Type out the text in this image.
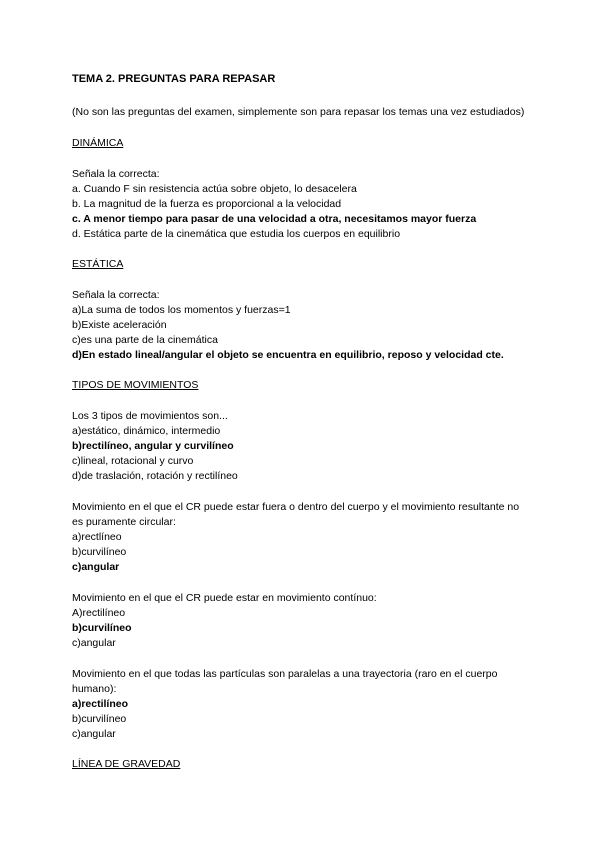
TEMA 2. PREGUNTAS PARA REPASAR
(No son las preguntas del examen, simplemente son para repasar los temas una vez estudiados)
DINÁMICA
Señala la correcta:
a. Cuando F sin resistencia actúa sobre objeto, lo desacelera
b. La magnitud de la fuerza es proporcional a la velocidad
c. A menor tiempo para pasar de una velocidad a otra, necesitamos mayor fuerza
d. Estática parte de la cinemática que estudia los cuerpos en equilibrio
ESTÁTICA
Señala la correcta:
a)La suma de todos los momentos y fuerzas=1
b)Existe aceleración
c)es una parte de la cinemática
d)En estado lineal/angular el objeto se encuentra en equilibrio, reposo y velocidad cte.
TIPOS DE MOVIMIENTOS
Los 3 tipos de movimientos son...
a)estático, dinámico, intermedio
b)rectilíneo, angular y curvilíneo
c)lineal, rotacional y curvo
d)de traslación, rotación y rectilíneo
Movimiento en el que el CR puede estar fuera o dentro del cuerpo y el movimiento resultante no es puramente circular:
a)rectlíneo
b)curvilíneo
c)angular
Movimiento en el que el CR puede estar en movimiento contínuo:
A)rectilíneo
b)curvilíneo
c)angular
Movimiento en el que todas las partículas son paralelas a una trayectoria (raro en el cuerpo humano):
a)rectilíneo
b)curvilíneo
c)angular
LÍNEA DE GRAVEDAD
